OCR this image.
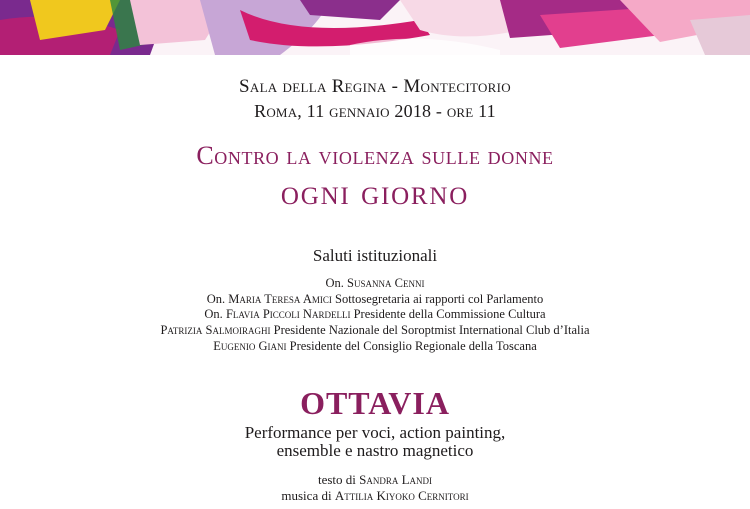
Sala della Regina - Montecitorio
Roma, 11 gennaio 2018 - ore 11
Contro la violenza sulle donne
ogni giorno
Saluti istituzionali
On. Susanna Cenni
On. Maria Teresa Amici Sottosegretaria ai rapporti col Parlamento
On. Flavia Piccoli Nardelli Presidente della Commissione Cultura
Patrizia Salmoiraghi Presidente Nazionale del Soroptmist International Club d’Italia
Eugenio Giani Presidente del Consiglio Regionale della Toscana
OTTAVIA
Performance per voci, action painting,
ensemble e nastro magnetico
testo di Sandra Landi
musica di Attilia Kiyoko Cernitori
